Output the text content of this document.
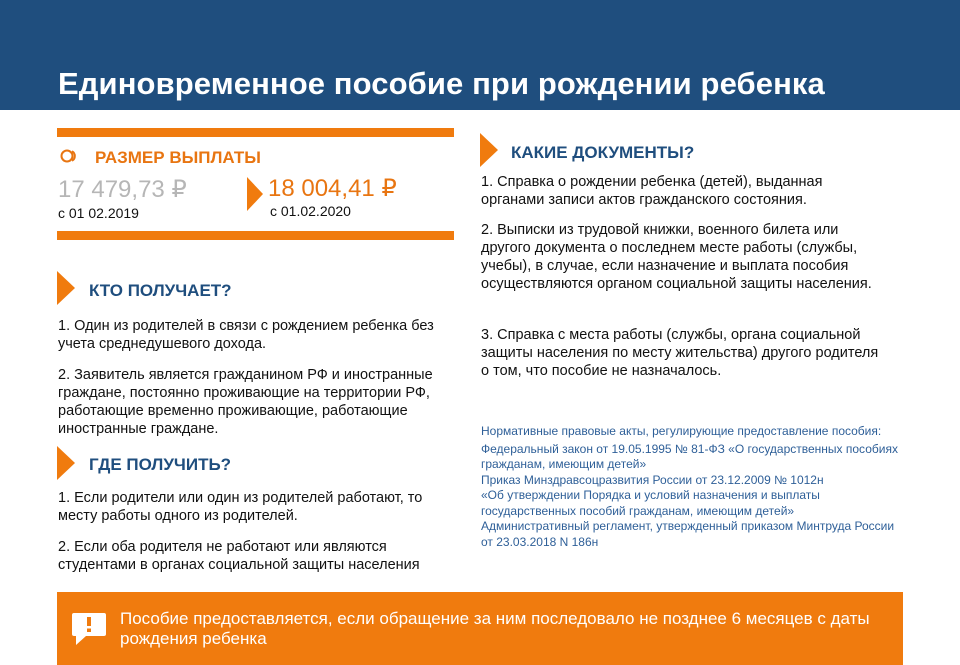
Единовременное пособие при рождении ребенка
РАЗМЕР ВЫПЛАТЫ
17 479,73 ₽
с 01 02.2019
18 004,41 ₽
с 01.02.2020
КТО ПОЛУЧАЕТ?
1. Один из родителей в связи с рождением ребенка без учета среднедушевого дохода.
2. Заявитель является гражданином РФ и иностранные граждане, постоянно проживающие на территории РФ, работающие временно проживающие, работающие иностранные граждане.
ГДЕ ПОЛУЧИТЬ?
1. Если родители или один из родителей работают, то месту работы одного из родителей.
2. Если оба родителя не работают или являются студентами в органах социальной защиты населения
КАКИЕ ДОКУМЕНТЫ?
1. Справка о рождении ребенка (детей), выданная органами записи актов гражданского состояния.
2. Выписки из трудовой книжки, военного билета или другого документа о последнем месте работы (службы, учебы), в случае, если назначение и выплата пособия осуществляются органом социальной защиты населения.
3. Справка с места работы (службы, органа социальной защиты населения по месту жительства) другого родителя о том, что пособие не назначалось.

Нормативные правовые акты, регулирующие предоставление пособия:

Федеральный закон от 19.05.1995 № 81-ФЗ «О государственных пособиях гражданам, имеющим детей»

Приказ Минздравсоцразвития России от 23.12.2009 № 1012н

«Об утверждении Порядка и условий назначения и выплаты государственных пособий гражданам, имеющим детей»

Административный регламент, утвержденный приказом Минтруда России от 23.03.2018 N 186н

Пособие предоставляется, если обращение за ним последовало не позднее 6 месяцев с даты рождения ребенка
